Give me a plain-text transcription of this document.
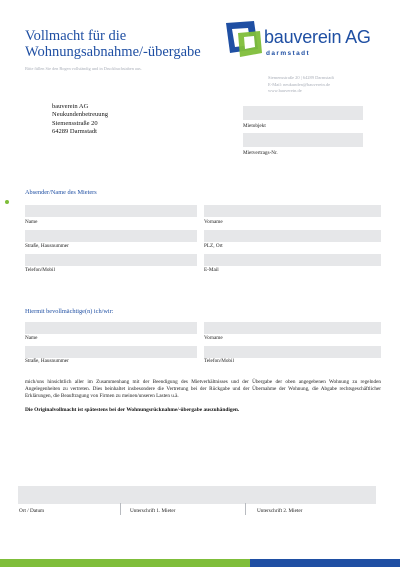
Vollmacht für die Wohnungsabnahme/-übergabe
Bitte füllen Sie den Bogen vollständig und in Druckbuchstaben aus.
bauverein AG
darmstadt
Siemensstraße 20 | 64289 Darmstadt
E-Mail: neukunden@bauverein.de
www.bauverein.de
bauverein AG
Neukundenbetreuung
Siemensstraße 20
64289 Darmstadt
Mietobjekt
Mietvertrags-Nr.
Absender/Name des Mieters
Name	Vorname
Straße, Hausnummer	PLZ, Ort
Telefon/Mobil	E-Mail
Hiermit bevollmächtige(n) ich/wir:
Name	Vorname
Straße, Hausnummer	Telefon/Mobil
mich/uns hinsichtlich aller im Zusammenhang mit der Beendigung des Mietverhältnisses und der Übergabe der oben angegebenen Wohnung zu regelnden Angelegenheiten zu vertreten. Dies beinhaltet insbesondere die Vertretung bei der Rückgabe und der Übernahme der Wohnung, die Abgabe rechtsgeschäftlicher Erklärungen, die Beauftragung von Firmen zu meinen/unseren Lasten u.ä.
Die Originalvollmacht ist spätestens bei der Wohnungsrücknahme/-übergabe auszuhändigen.
Ort / Datum	Unterschrift 1. Mieter	Unterschrift 2. Mieter
